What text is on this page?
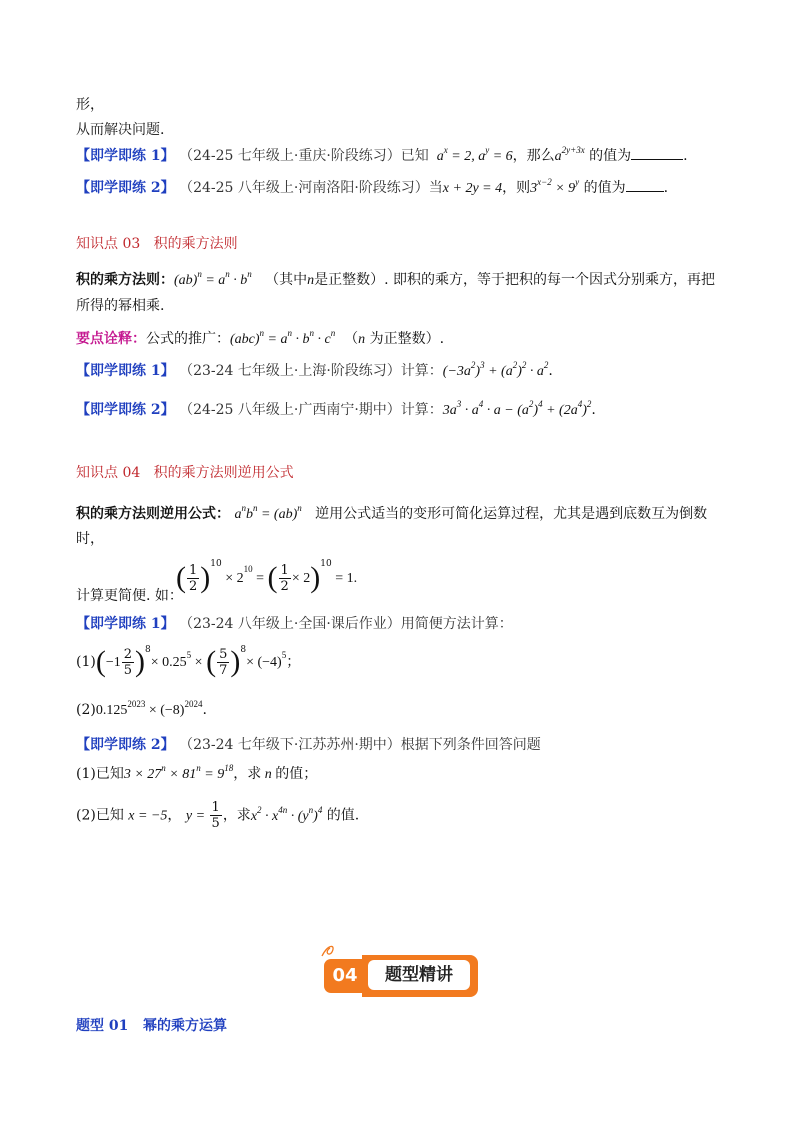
形，
从而解决问题.
【即学即练 1】 （24-25 七年级上·重庆·阶段练习）已知  $a^x = 2$, $a^y = 6$，那么$a^{2y+3x}$ 的值为	.
【即学即练 2】 （24-25 八年级上·河南洛阳·阶段练习）当x + 2y = 4，则$3^{x-2} \times 9^y$ 的值为	.
知识点 03 积的乘方法则
积的乘方法则：$(ab)^n = a^n \cdot b^n$ （其中n是正整数）. 即积的乘方，等于把积的每一个因式分别乘方，再把
所得的幂相乘.
要点诠释：公式的推广：$(abc)^n = a^n \cdot b^n \cdot c^n$  （n 为正整数）.
【即学即练 1】 （23-24 七年级上·上海·阶段练习）计算：$(-3a^2)^3 + (a^2)^2 \cdot a^2$.
【即学即练 2】 （24-25 八年级上·广西南宁·期中）计算：$3a^3 \cdot a^4 \cdot a - (a^2)^4 + (2a^4)^2$.
知识点 04 积的乘方法则逆用公式
积的乘方法则逆用公式： $a^nb^n = (ab)^n$ 逆用公式适当的变形可简化运算过程，尤其是遇到底数互为倒数
时，
( $\frac{1}{2} )^{10} \times 2^{10}$ = ( $\frac{1}{2} \times 2)^{10} = 1$.
计算更简便. 如：
【即学即练 1】 （23-24 八年级上·全国·课后作业）用简便方法计算：
$(1)(-1 \frac{2}{5} )^8\times 0.25^5$ × ( $\frac{5}{7} )^8\times (-4)^5$；
$(2)0.125^{2023} \times (-8)^{2024}$.
【即学即练 2】 （23-24 七年级下·江苏苏州·期中）根据下列条件回答问题
(1)已知$3 \times 27^n \times 81^n = 9^{18}$，求 n 的值；
(2)已知 x = −5， $y = \frac{1}{5}$ ，求$x^2 \cdot x^{4n} \cdot (y^n)^4$ 的值.
题型精讲
04
题型 01 幂的乘方运算
